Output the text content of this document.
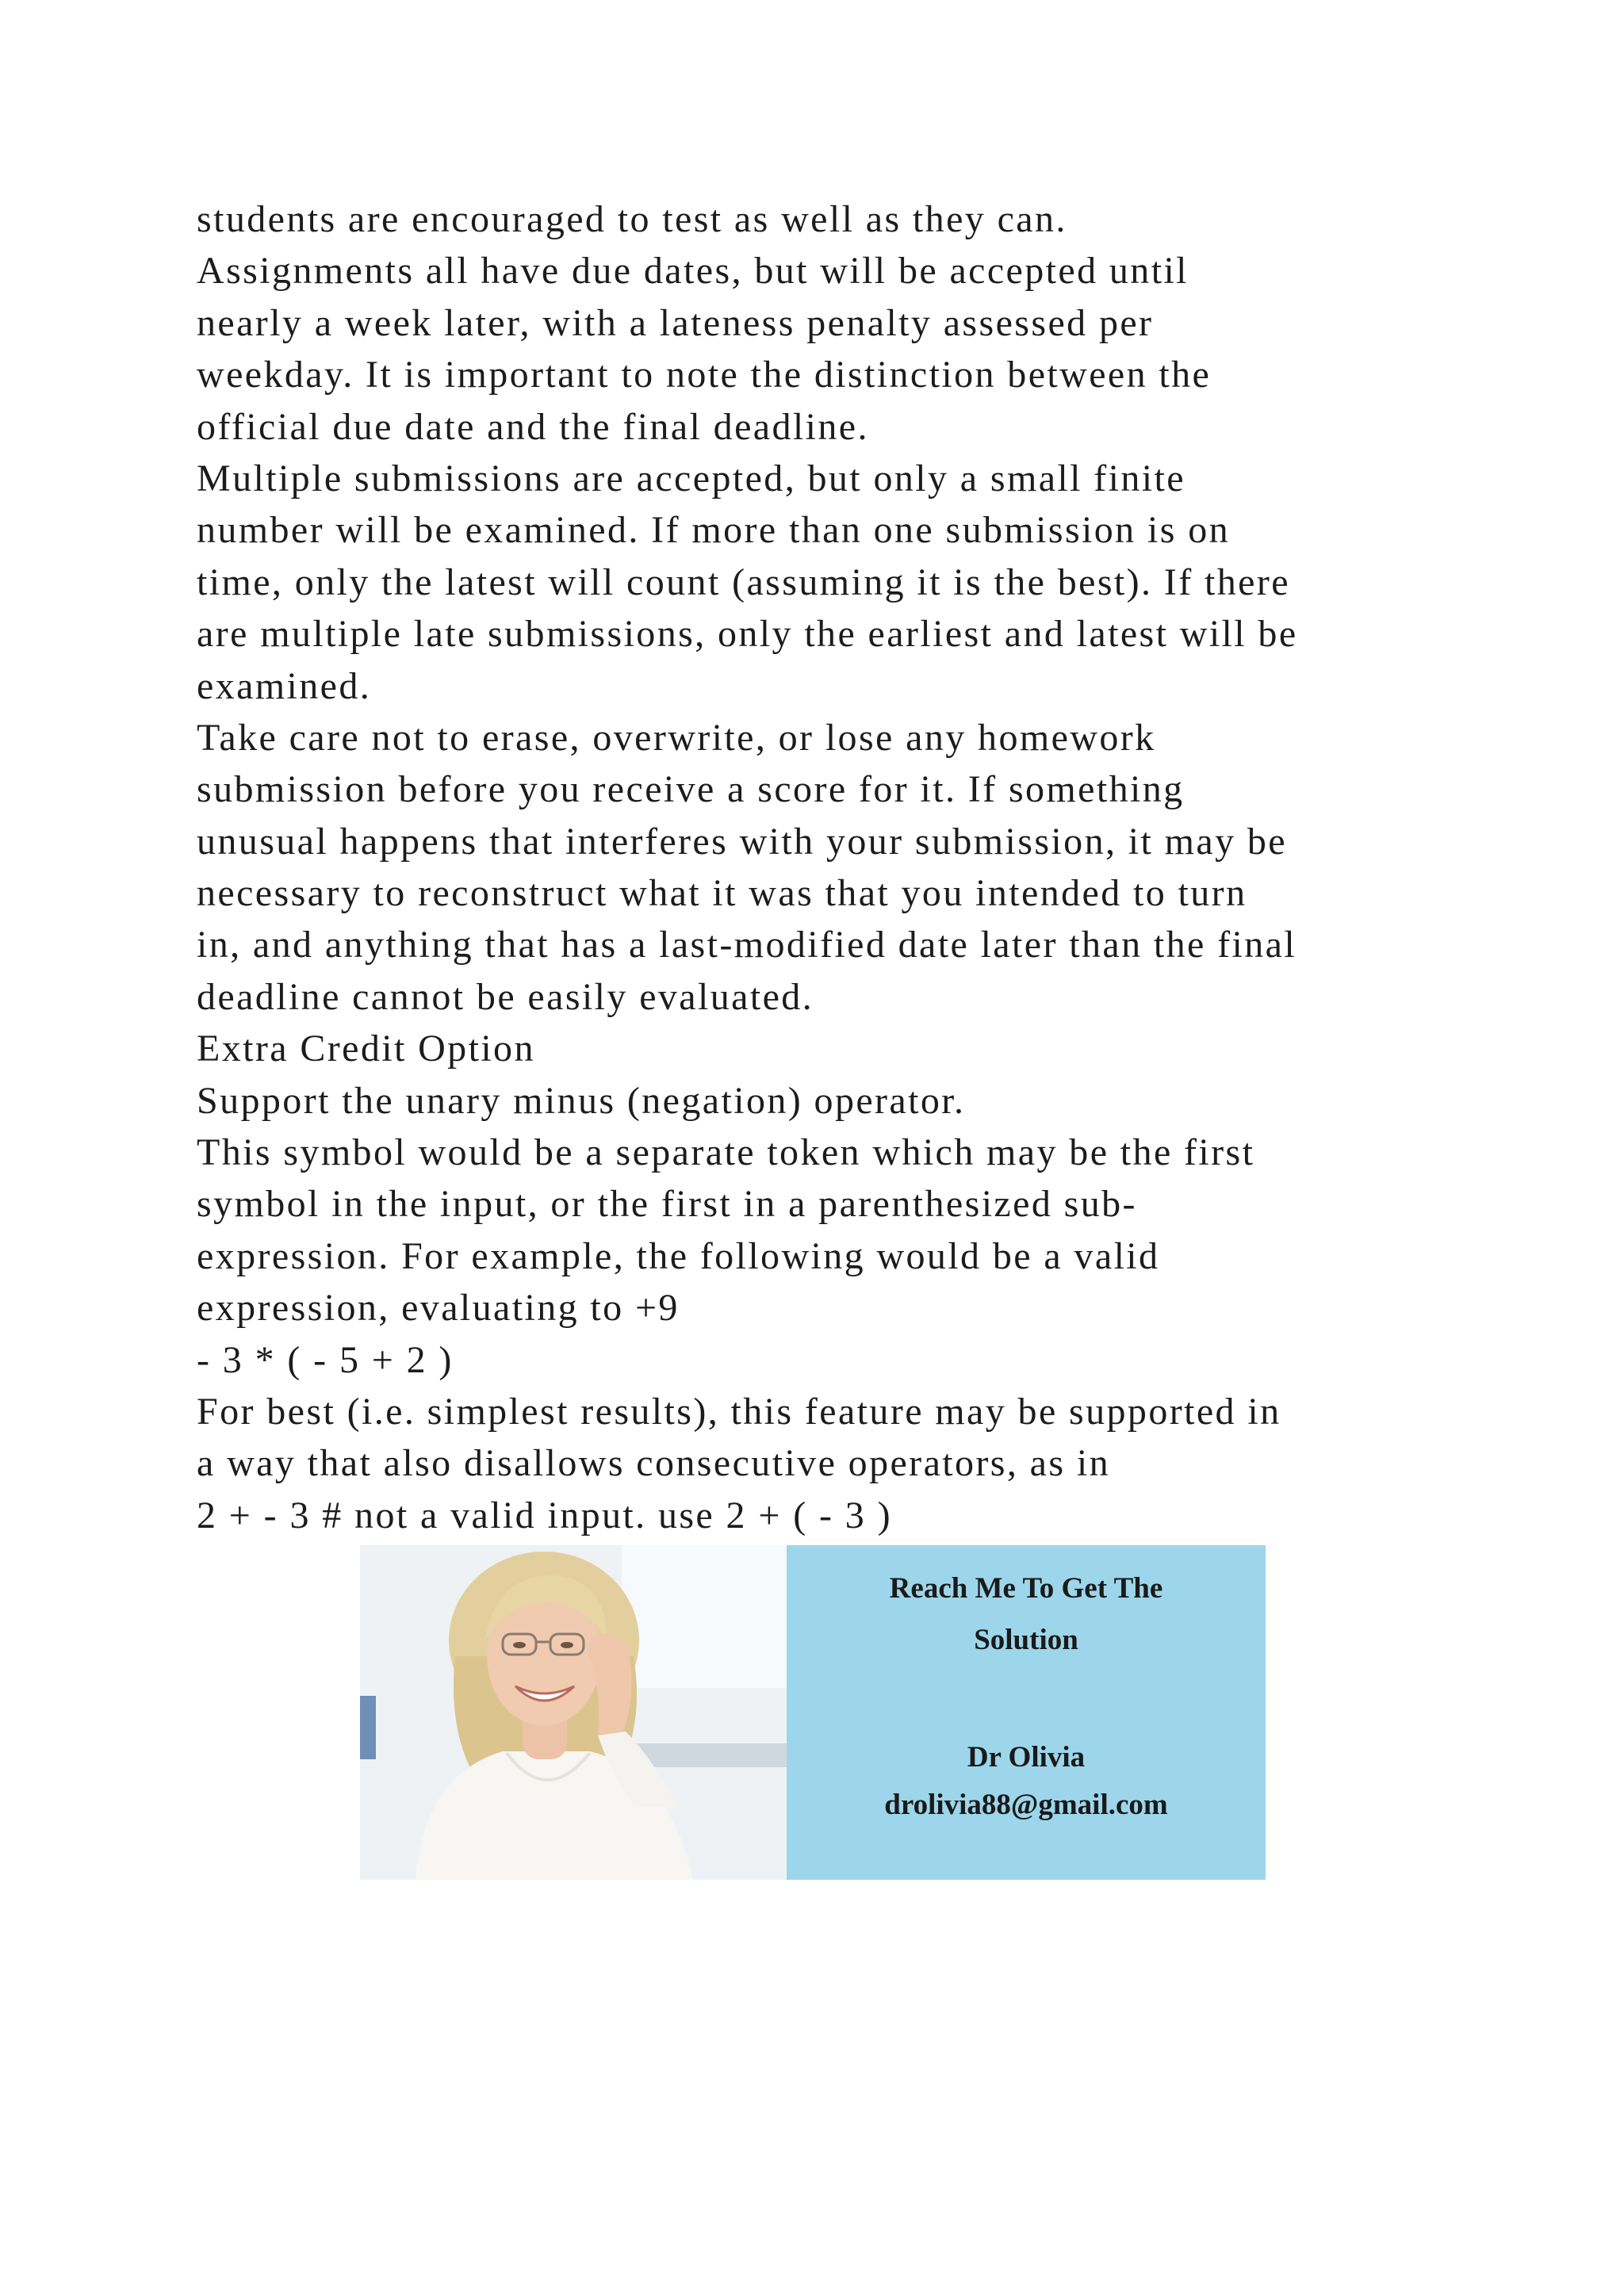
students are encouraged to test as well as they can.
Assignments all have due dates, but will be accepted until
nearly a week later, with a lateness penalty assessed per
weekday. It is important to note the distinction between the
official due date and the final deadline.
Multiple submissions are accepted, but only a small finite
number will be examined. If more than one submission is on
time, only the latest will count (assuming it is the best). If there
are multiple late submissions, only the earliest and latest will be
examined.
Take care not to erase, overwrite, or lose any homework
submission before you receive a score for it. If something
unusual happens that interferes with your submission, it may be
necessary to reconstruct what it was that you intended to turn
in, and anything that has a last-modified date later than the final
deadline cannot be easily evaluated.
Extra Credit Option
Support the unary minus (negation) operator.
This symbol would be a separate token which may be the first
symbol in the input, or the first in a parenthesized sub-
expression. For example, the following would be a valid
expression, evaluating to +9
- 3 * ( - 5 + 2 )
For best (i.e. simplest results), this feature may be supported in
a way that also disallows consecutive operators, as in
2 + - 3 # not a valid input. use 2 + ( - 3 )
Reach Me To Get The
Solution
Dr Olivia
drolivia88@gmail.com
